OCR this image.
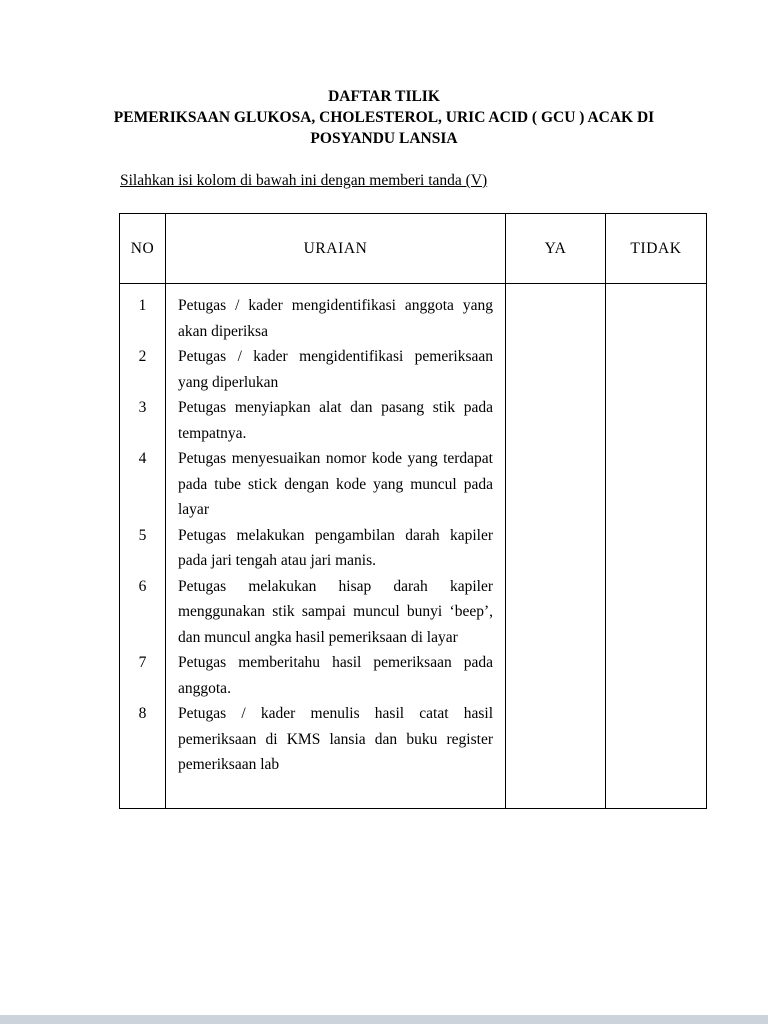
DAFTAR TILIK
PEMERIKSAAN GLUKOSA, CHOLESTEROL, URIC ACID ( GCU ) ACAK DI POSYANDU LANSIA
Silahkan isi kolom di bawah ini dengan memberi tanda (V)
NO	URAIAN	YA	TIDAK
1	Petugas / kader mengidentifikasi anggota yang akan diperiksa		
2	Petugas / kader mengidentifikasi pemeriksaan yang diperlukan		
3	Petugas menyiapkan alat dan pasang stik pada tempatnya.		
4	Petugas menyesuaikan nomor kode yang terdapat pada tube stick dengan kode yang muncul pada layar		
5	Petugas melakukan pengambilan darah kapiler pada jari tengah atau jari manis.		
6	Petugas melakukan hisap darah kapiler menggunakan stik sampai muncul bunyi ‘beep’, dan muncul angka hasil pemeriksaan di layar		
7	Petugas memberitahu hasil pemeriksaan pada anggota.		
8	Petugas / kader menulis hasil catat hasil pemeriksaan di KMS lansia dan buku register pemeriksaan lab		
